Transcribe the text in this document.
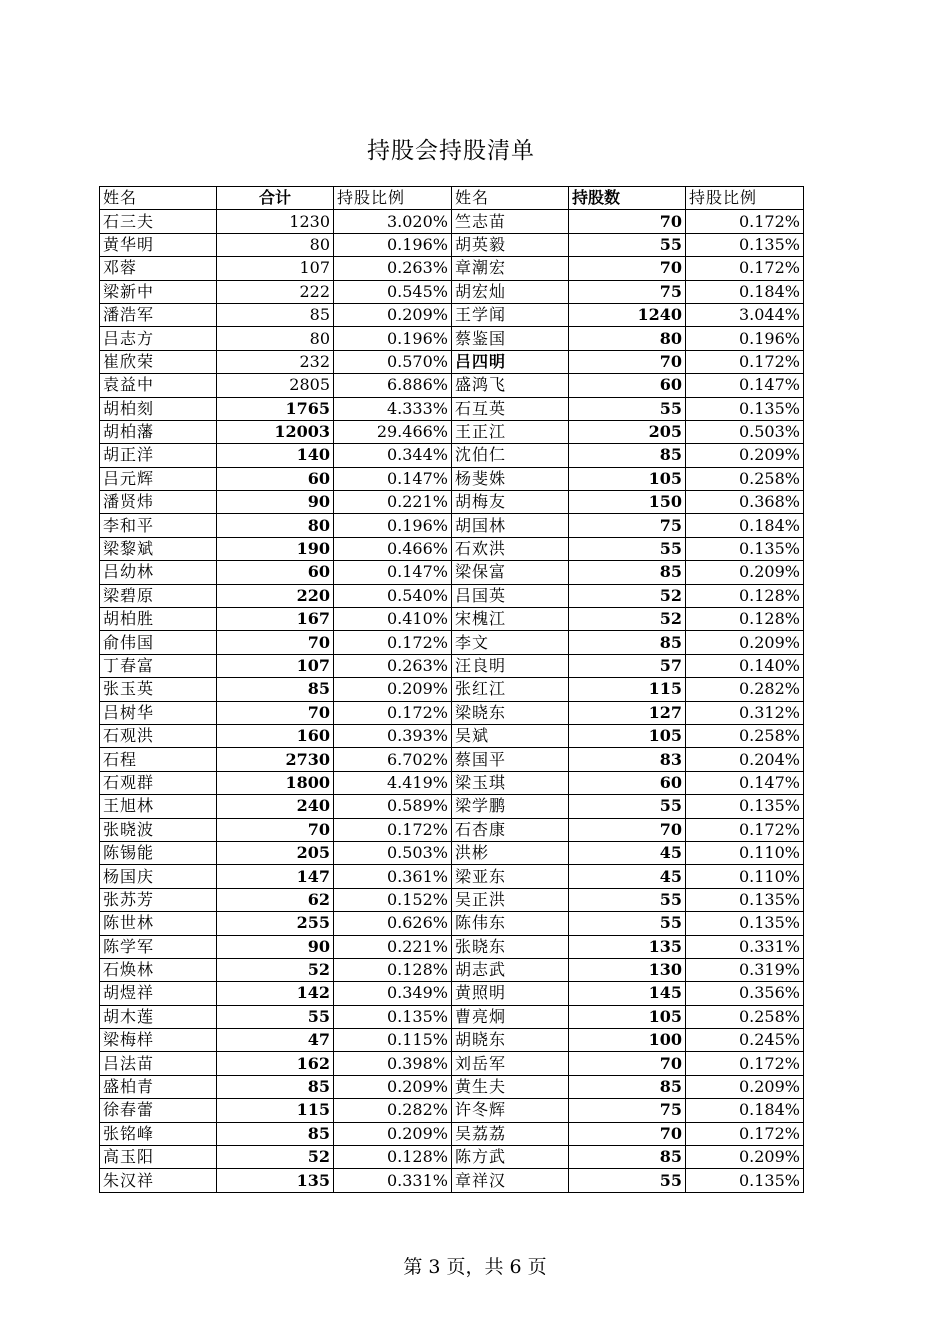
持股会持股清单
姓名	合计	持股比例	姓名	持股数	持股比例
石三夫	1230	3.020%	竺志苗	70	0.172%
黄华明	80	0.196%	胡英毅	55	0.135%
邓蓉	107	0.263%	章潮宏	70	0.172%
梁新中	222	0.545%	胡宏灿	75	0.184%
潘浩军	85	0.209%	王学闻	1240	3.044%
吕志方	80	0.196%	蔡鉴国	80	0.196%
崔欣荣	232	0.570%	吕四明	70	0.172%
袁益中	2805	6.886%	盛鸿飞	60	0.147%
胡柏刻	1765	4.333%	石互英	55	0.135%
胡柏藩	12003	29.466%	王正江	205	0.503%
胡正洋	140	0.344%	沈伯仁	85	0.209%
吕元辉	60	0.147%	杨斐姝	105	0.258%
潘贤炜	90	0.221%	胡梅友	150	0.368%
李和平	80	0.196%	胡国林	75	0.184%
梁黎斌	190	0.466%	石欢洪	55	0.135%
吕幼林	60	0.147%	梁保富	85	0.209%
梁碧原	220	0.540%	吕国英	52	0.128%
胡柏胜	167	0.410%	宋槐江	52	0.128%
俞伟国	70	0.172%	李文	85	0.209%
丁春富	107	0.263%	汪良明	57	0.140%
张玉英	85	0.209%	张红江	115	0.282%
吕树华	70	0.172%	梁晓东	127	0.312%
石观洪	160	0.393%	吴斌	105	0.258%
石程	2730	6.702%	蔡国平	83	0.204%
石观群	1800	4.419%	梁玉琪	60	0.147%
王旭林	240	0.589%	梁学鹏	55	0.135%
张晓波	70	0.172%	石杏康	70	0.172%
陈锡能	205	0.503%	洪彬	45	0.110%
杨国庆	147	0.361%	梁亚东	45	0.110%
张苏芳	62	0.152%	吴正洪	55	0.135%
陈世林	255	0.626%	陈伟东	55	0.135%
陈学军	90	0.221%	张晓东	135	0.331%
石焕林	52	0.128%	胡志武	130	0.319%
胡煜祥	142	0.349%	黄照明	145	0.356%
胡木莲	55	0.135%	曹亮炯	105	0.258%
梁梅样	47	0.115%	胡晓东	100	0.245%
吕法苗	162	0.398%	刘岳军	70	0.172%
盛柏青	85	0.209%	黄生夫	85	0.209%
徐春蕾	115	0.282%	许冬辉	75	0.184%
张铭峰	85	0.209%	吴荔荔	70	0.172%
高玉阳	52	0.128%	陈方武	85	0.209%
朱汉祥	135	0.331%	章祥汉	55	0.135%
第 3 页，共 6 页
